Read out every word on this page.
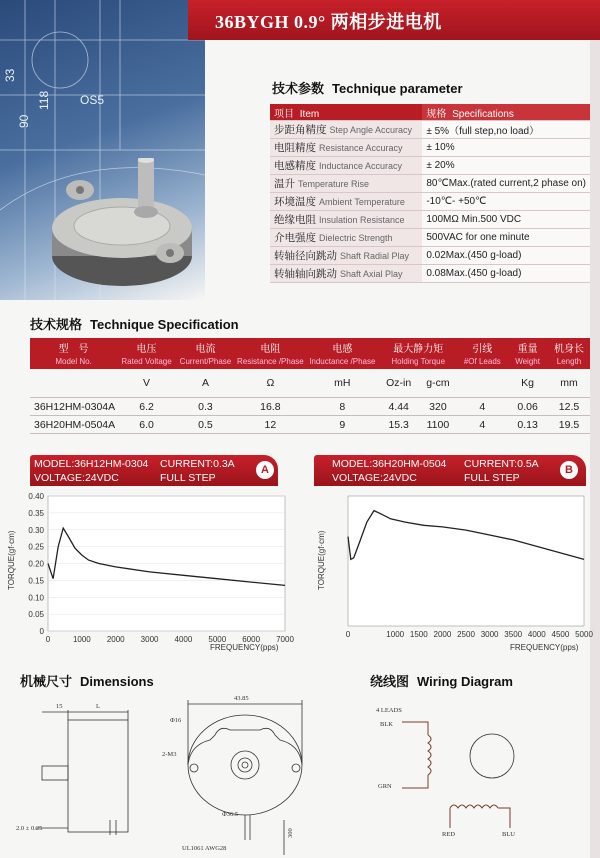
33
118
90
OS5
36BYGH 0.9° 两相步进电机
技术参数 Technique parameter
项目 Item	规格 Specifications
步距角精度 Step Angle Accuracy	± 5%（full step,no load）
电阻精度 Resistance Accuracy	± 10%
电感精度 Inductance Accuracy	± 20%
温升 Temperature Rise	80℃Max.(rated current,2 phase on)
环境温度 Ambient Temperature	-10℃- +50℃
绝缘电阻 Insulation Resistance	100MΩ Min.500 VDC
介电强度 Dielectric Strength	500VAC for one minute
转轴径向跳动 Shaft Radial Play	0.02Max.(450 g-load)
转轴轴向跳动 Shaft Axial Play	0.08Max.(450 g-load)
技术规格 Technique Specification
型　号	电压	电流	电阻	电感	最大静力矩		引线	重量	机身长
Model No.	Rated Voltage	Current/Phase	Resistance /Phase	Inductance /Phase	Holding Torque		#Of Leads	Weight	Length
	V	A	Ω	mH	Oz-in	g-cm		Kg	mm
36H12HM-0304A	6.2	0.3	16.8	8	4.44	320	4	0.06	12.5
36H20HM-0504A	6.0	0.5	12	9	15.3	1100	4	0.13	19.5
MODEL:36H12HM-0304 CURRENT:0.3A
VOLTAGE:24VDC	FULL STEP
A	MODEL:36H20HM-0504 CURRENT:0.5A
VOLTAGE:24VDC	FULL STEP
B
TORQUE(gf·cm)
FREQUENCY(pps)
0.40
0.35
0.30
0.25
0.20
0.15
0.10
0.05
0
0	1000 2000 3000 4000 5000 6000 7000
TORQUE(gf·cm)
FREQUENCY(pps)
0	1000 1500 2000 2500 3000 3500 4000 4500 5000
机械尺寸 Dimensions
15	L
43.85
Φ16
2-M3
Φ36.5
2.0 ± 0.25	300
UL1061 AWG28
绕线图 Wiring Diagram
4 LEADS
BLK
GRN
RED	BLU
